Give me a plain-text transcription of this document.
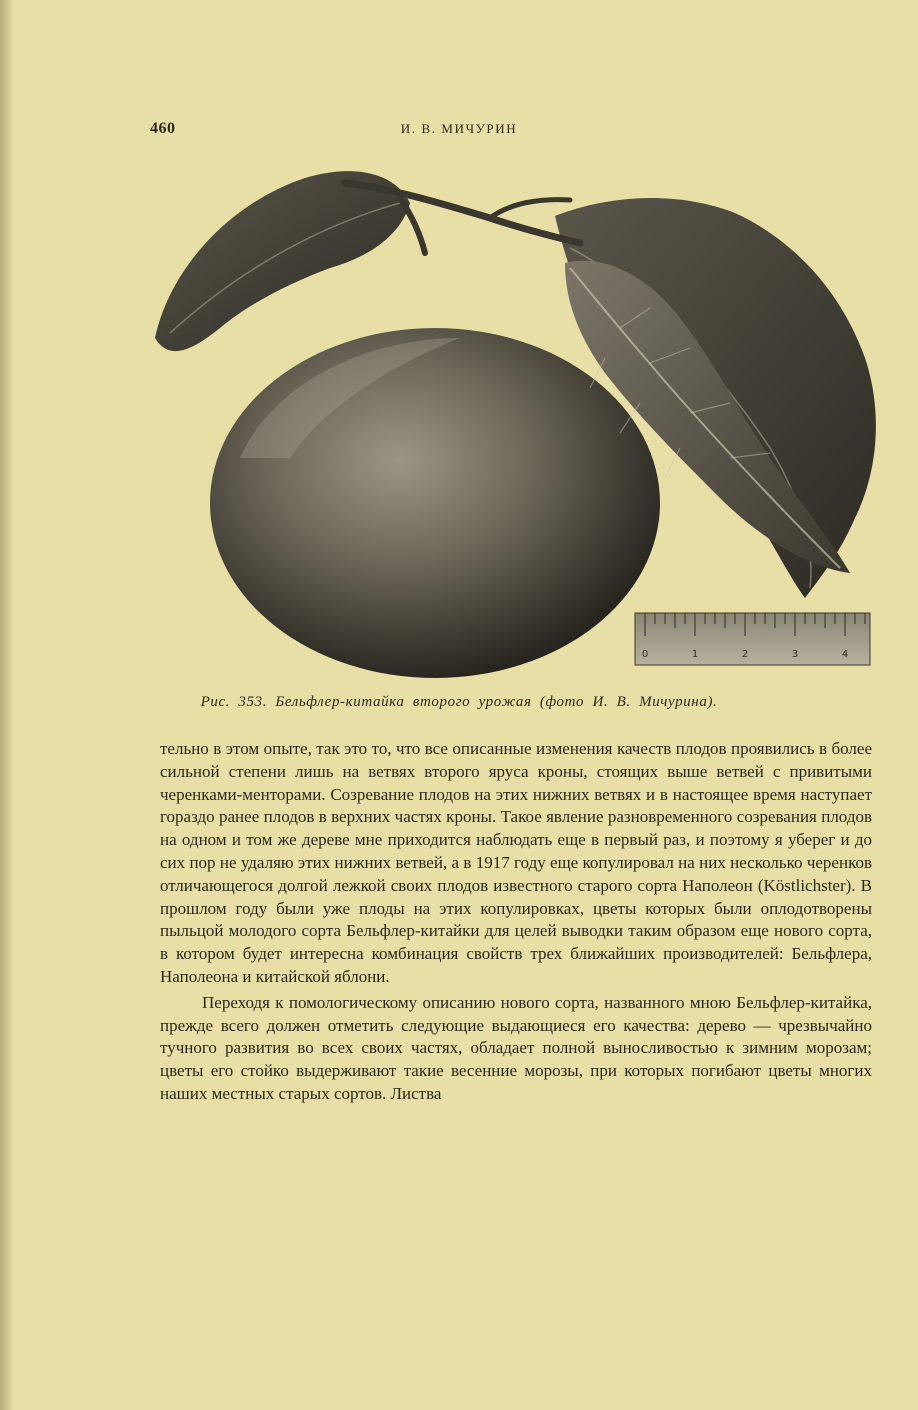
460	И. В. МИЧУРИН
0	1	2	3	4
Рис. 353. Бельфлер-китайка второго урожая (фото И. В. Мичурина).

тельно в этом опыте, так это то, что все описанные изменения качеств плодов проявились в более сильной степени лишь на ветвях второго яруса кроны, стоящих выше ветвей с привитыми черенками-менторами. Созревание плодов на этих нижних ветвях и в настоящее время наступает гораздо ранее плодов в верхних частях кроны. Такое явление разновременного созревания плодов на одном и том же дереве мне приходится наблюдать еще в первый раз, и поэтому я уберег и до сих пор не удаляю этих нижних ветвей, а в 1917 году еще копулировал на них несколько черенков отличающегося долгой лежкой своих плодов известного старого сорта Наполеон (Köstlichster). В прошлом году были уже плоды на этих копулировках, цветы которых были оплодотворены пыльцой молодого сорта Бельфлер-китайки для целей выводки таким образом еще нового сорта, в котором будет интересна комбинация свойств трех ближайших производителей: Бельфлера, Наполеона и китайской яблони.

Переходя к помологическому описанию нового сорта, названного мною Бельфлер-китайка, прежде всего должен отметить следующие выдающиеся его качества: дерево — чрезвычайно тучного развития во всех своих частях, обладает полной выносливостью к зимним морозам; цветы его стойко выдерживают такие весенние морозы, при которых погибают цветы многих наших местных старых сортов. Листва
